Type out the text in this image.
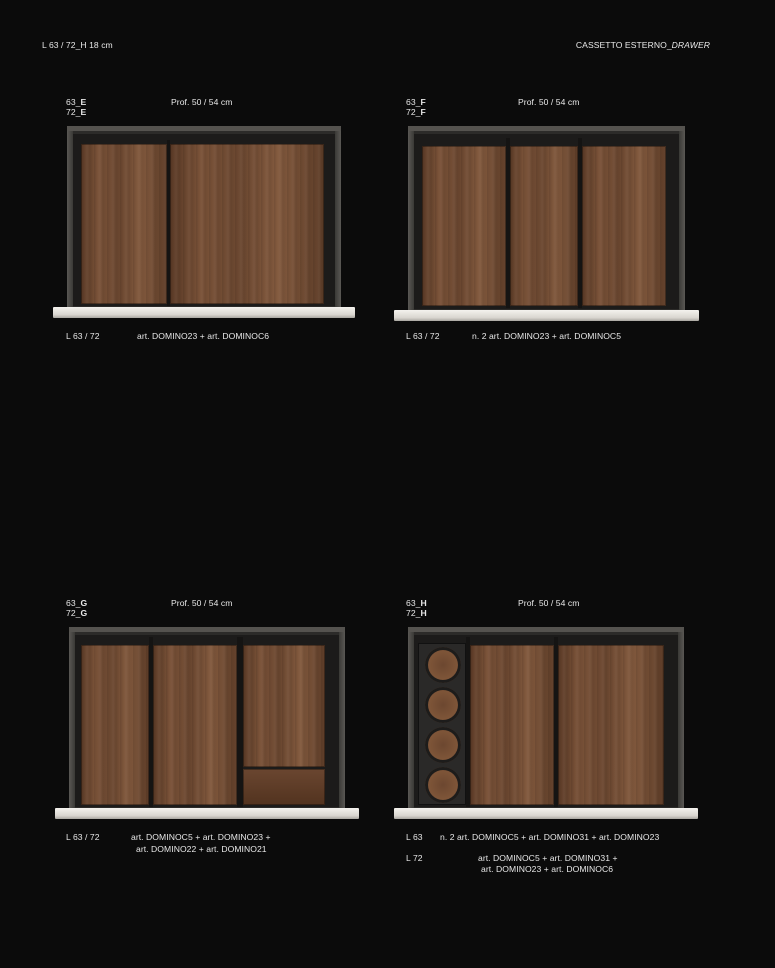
L 63 / 72_H 18 cm	CASSETTO ESTERNO_DRAWER
63_E
72_E
Prof. 50 / 54 cm
L 63 / 72	art. DOMINO23 + art. DOMINOC6
63_F
72_F
Prof. 50 / 54 cm
L 63 / 72	n. 2 art. DOMINO23 + art. DOMINOC5
63_G
72_G
Prof. 50 / 54 cm
L 63 / 72	art. DOMINOC5 + art. DOMINO23 +
art. DOMINO22 + art. DOMINO21
63_H
72_H
Prof. 50 / 54 cm
L 63 n. 2 art. DOMINOC5 + art. DOMINO31 + art. DOMINO23
L 72	art. DOMINOC5 + art. DOMINO31 +
art. DOMINO23 + art. DOMINOC6
